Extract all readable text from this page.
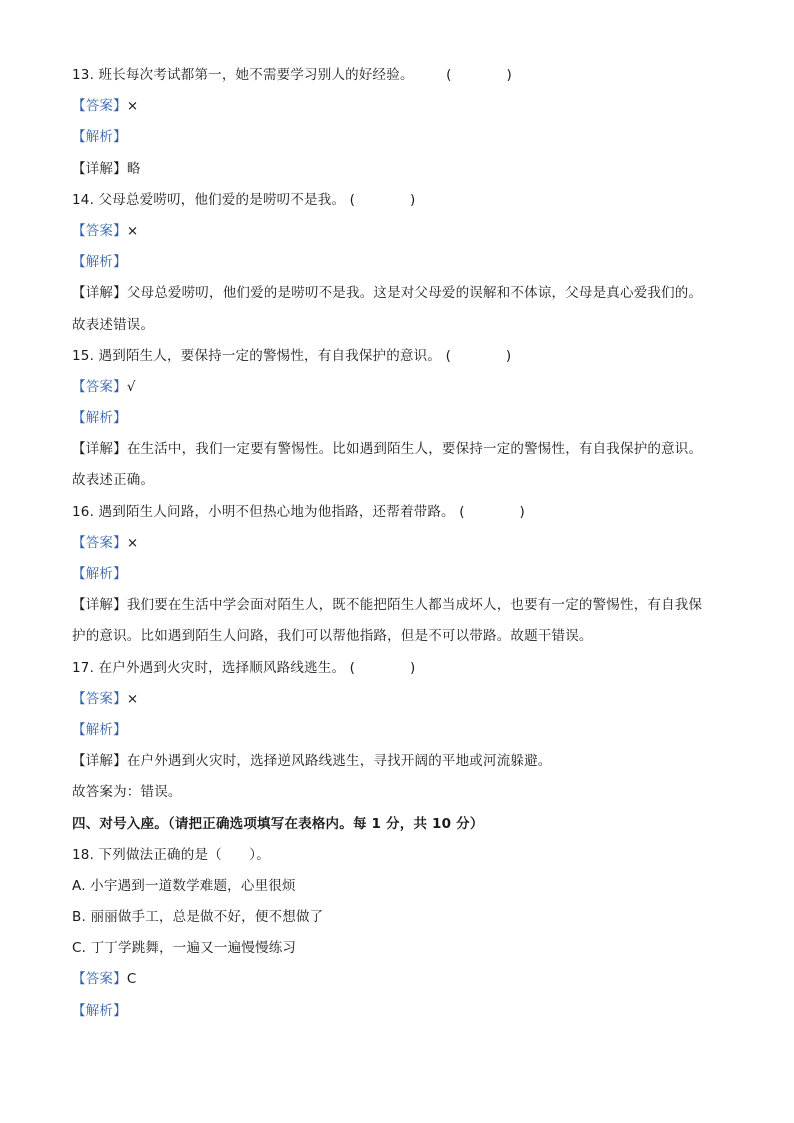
13. 班长每次考试都第一，她不需要学习别人的好经验。 (　　　　)
【答案】×
【解析】
【详解】略
14. 父母总爱唠叨，他们爱的是唠叨不是我。 (　　　　)
【答案】×
【解析】
【详解】父母总爱唠叨，他们爱的是唠叨不是我。这是对父母爱的误解和不体谅，父母是真心爱我们的。
故表述错误。
15. 遇到陌生人，要保持一定的警惕性，有自我保护的意识。 (　　　　)
【答案】√
【解析】
【详解】在生活中，我们一定要有警惕性。比如遇到陌生人，要保持一定的警惕性，有自我保护的意识。
故表述正确。
16. 遇到陌生人问路，小明不但热心地为他指路，还帮着带路。 (　　　　)
【答案】×
【解析】
【详解】我们要在生活中学会面对陌生人，既不能把陌生人都当成坏人，也要有一定的警惕性，有自我保
护的意识。比如遇到陌生人问路，我们可以帮他指路，但是不可以带路。故题干错误。
17. 在户外遇到火灾时，选择顺风路线逃生。 (　　　　)
【答案】×
【解析】
【详解】在户外遇到火灾时，选择逆风路线逃生，寻找开阔的平地或河流躲避。
故答案为：错误。
四、对号入座。（请把正确选项填写在表格内。每 1 分，共 10 分）
18. 下列做法正确的是（　　）。
A. 小宇遇到一道数学难题，心里很烦
B. 丽丽做手工，总是做不好，便不想做了
C. 丁丁学跳舞，一遍又一遍慢慢练习
【答案】C
【解析】
